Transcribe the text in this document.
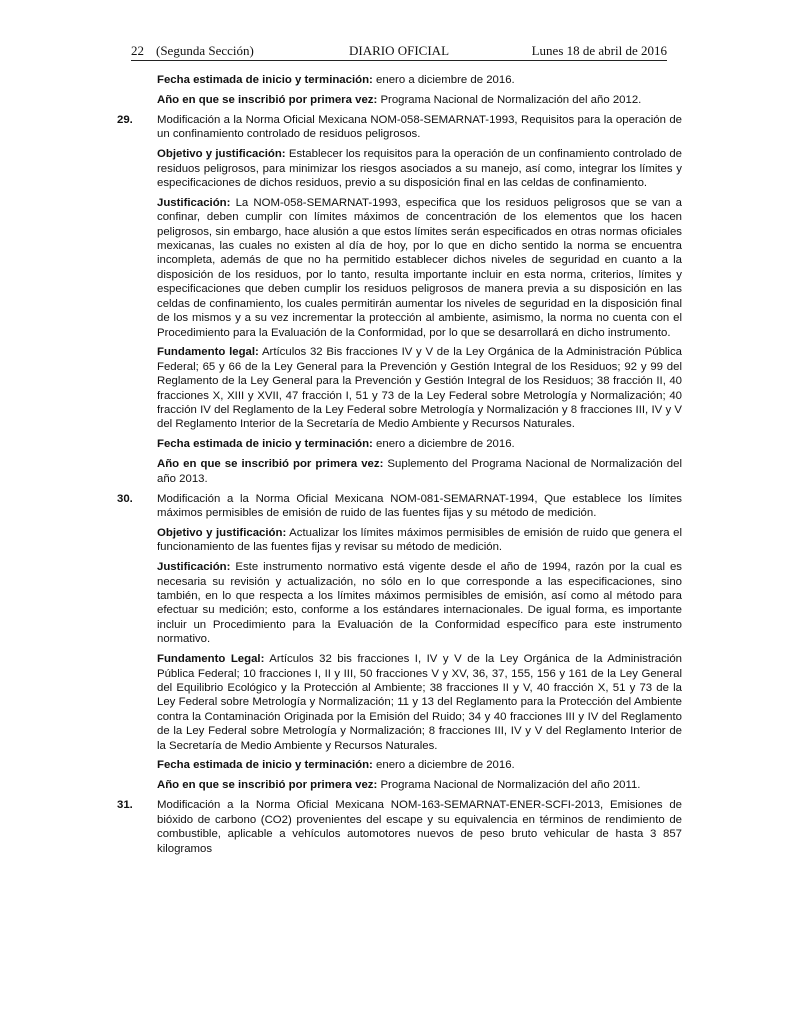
22 (Segunda Sección)	DIARIO OFICIAL	Lunes 18 de abril de 2016

Fecha estimada de inicio y terminación: enero a diciembre de 2016.

Año en que se inscribió por primera vez: Programa Nacional de Normalización del año 2012.

29. Modificación a la Norma Oficial Mexicana NOM-058-SEMARNAT-1993, Requisitos para la operación de un confinamiento controlado de residuos peligrosos.

Objetivo y justificación: Establecer los requisitos para la operación de un confinamiento controlado de residuos peligrosos, para minimizar los riesgos asociados a su manejo, así como, integrar los límites y especificaciones de dichos residuos, previo a su disposición final en las celdas de confinamiento.

Justificación: La NOM-058-SEMARNAT-1993, especifica que los residuos peligrosos que se van a confinar, deben cumplir con límites máximos de concentración de los elementos que los hacen peligrosos, sin embargo, hace alusión a que estos límites serán especificados en otras normas oficiales mexicanas, las cuales no existen al día de hoy, por lo que en dicho sentido la norma se encuentra incompleta, además de que no ha permitido establecer dichos niveles de seguridad en cuanto a la disposición de los residuos, por lo tanto, resulta importante incluir en esta norma, criterios, límites y especificaciones que deben cumplir los residuos peligrosos de manera previa a su disposición en las celdas de confinamiento, los cuales permitirán aumentar los niveles de seguridad en la disposición final de los mismos y a su vez incrementar la protección al ambiente, asimismo, la norma no cuenta con el Procedimiento para la Evaluación de la Conformidad, por lo que se desarrollará en dicho instrumento.

Fundamento legal: Artículos 32 Bis fracciones IV y V de la Ley Orgánica de la Administración Pública Federal; 65 y 66 de la Ley General para la Prevención y Gestión Integral de los Residuos; 92 y 99 del Reglamento de la Ley General para la Prevención y Gestión Integral de los Residuos; 38 fracción II, 40 fracciones X, XIII y XVII, 47 fracción I, 51 y 73 de la Ley Federal sobre Metrología y Normalización; 40 fracción IV del Reglamento de la Ley Federal sobre Metrología y Normalización y 8 fracciones III, IV y V del Reglamento Interior de la Secretaría de Medio Ambiente y Recursos Naturales.

Fecha estimada de inicio y terminación: enero a diciembre de 2016.

Año en que se inscribió por primera vez: Suplemento del Programa Nacional de Normalización del año 2013.

30. Modificación a la Norma Oficial Mexicana NOM-081-SEMARNAT-1994, Que establece los límites máximos permisibles de emisión de ruido de las fuentes fijas y su método de medición.

Objetivo y justificación: Actualizar los límites máximos permisibles de emisión de ruido que genera el funcionamiento de las fuentes fijas y revisar su método de medición.

Justificación: Este instrumento normativo está vigente desde el año de 1994, razón por la cual es necesaria su revisión y actualización, no sólo en lo que corresponde a las especificaciones, sino también, en lo que respecta a los límites máximos permisibles de emisión, así como al método para efectuar su medición; esto, conforme a los estándares internacionales. De igual forma, es importante incluir un Procedimiento para la Evaluación de la Conformidad específico para este instrumento normativo.

Fundamento Legal: Artículos 32 bis fracciones I, IV y V de la Ley Orgánica de la Administración Pública Federal; 10 fracciones I, II y III, 50 fracciones V y XV, 36, 37, 155, 156 y 161 de la Ley General del Equilibrio Ecológico y la Protección al Ambiente; 38 fracciones II y V, 40 fracción X, 51 y 73 de la Ley Federal sobre Metrología y Normalización; 11 y 13 del Reglamento para la Protección del Ambiente contra la Contaminación Originada por la Emisión del Ruido; 34 y 40 fracciones III y IV del Reglamento de la Ley Federal sobre Metrología y Normalización; 8 fracciones III, IV y V del Reglamento Interior de la Secretaría de Medio Ambiente y Recursos Naturales.

Fecha estimada de inicio y terminación: enero a diciembre de 2016.

Año en que se inscribió por primera vez: Programa Nacional de Normalización del año 2011.

31. Modificación a la Norma Oficial Mexicana NOM-163-SEMARNAT-ENER-SCFI-2013, Emisiones de bióxido de carbono (CO2) provenientes del escape y su equivalencia en términos de rendimiento de combustible, aplicable a vehículos automotores nuevos de peso bruto vehicular de hasta 3 857 kilogramos
